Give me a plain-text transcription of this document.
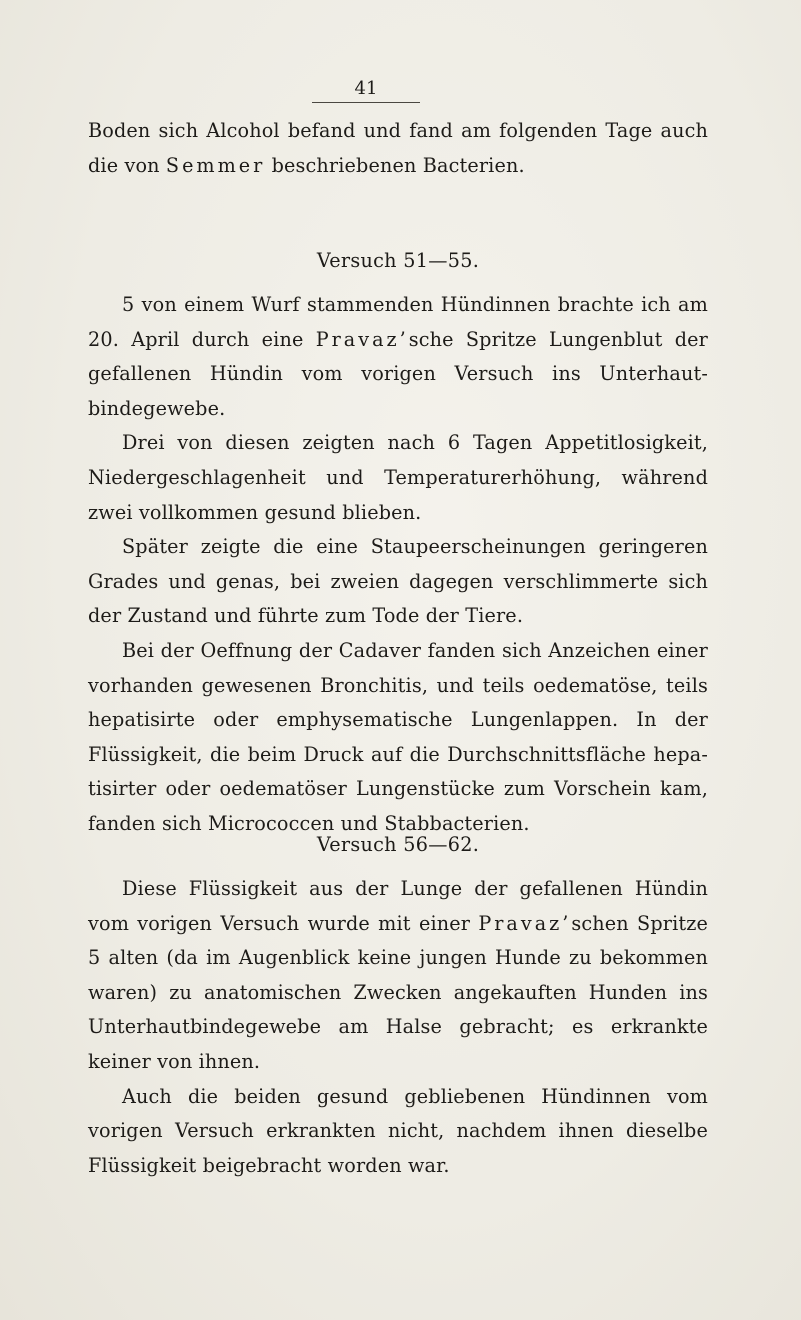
41

Boden sich Alcohol befand und fand am folgenden Tage auch die von Semmer beschriebenen Bacterien.

Versuch 51—55.

5 von einem Wurf stammenden Hündinnen brachte ich am 20. April durch eine Pravaz’sche Spritze Lungenblut der gefallenen Hündin vom vorigen Versuch ins Unterhaut-bindegewebe.

Drei von diesen zeigten nach 6 Tagen Appetitlosigkeit, Niedergeschlagenheit und Temperaturerhöhung, während zwei vollkommen gesund blieben.

Später zeigte die eine Staupeerscheinungen geringeren Grades und genas, bei zweien dagegen verschlimmerte sich der Zustand und führte zum Tode der Tiere.

Bei der Oeffnung der Cadaver fanden sich Anzeichen einer vorhanden gewesenen Bronchitis, und teils oedematöse, teils hepatisirte oder emphysematische Lungenlappen. In der Flüssigkeit, die beim Druck auf die Durchschnittsfläche hepa-tisirter oder oedematöser Lungenstücke zum Vorschein kam, fanden sich Micrococcen und Stabbacterien.

Versuch 56—62.

Diese Flüssigkeit aus der Lunge der gefallenen Hündin vom vorigen Versuch wurde mit einer Pravaz’schen Spritze 5 alten (da im Augenblick keine jungen Hunde zu bekommen waren) zu anatomischen Zwecken angekauften Hunden ins Unterhautbindegewebe am Halse gebracht; es erkrankte keiner von ihnen.

Auch die beiden gesund gebliebenen Hündinnen vom vorigen Versuch erkrankten nicht, nachdem ihnen dieselbe Flüssigkeit beigebracht worden war.
